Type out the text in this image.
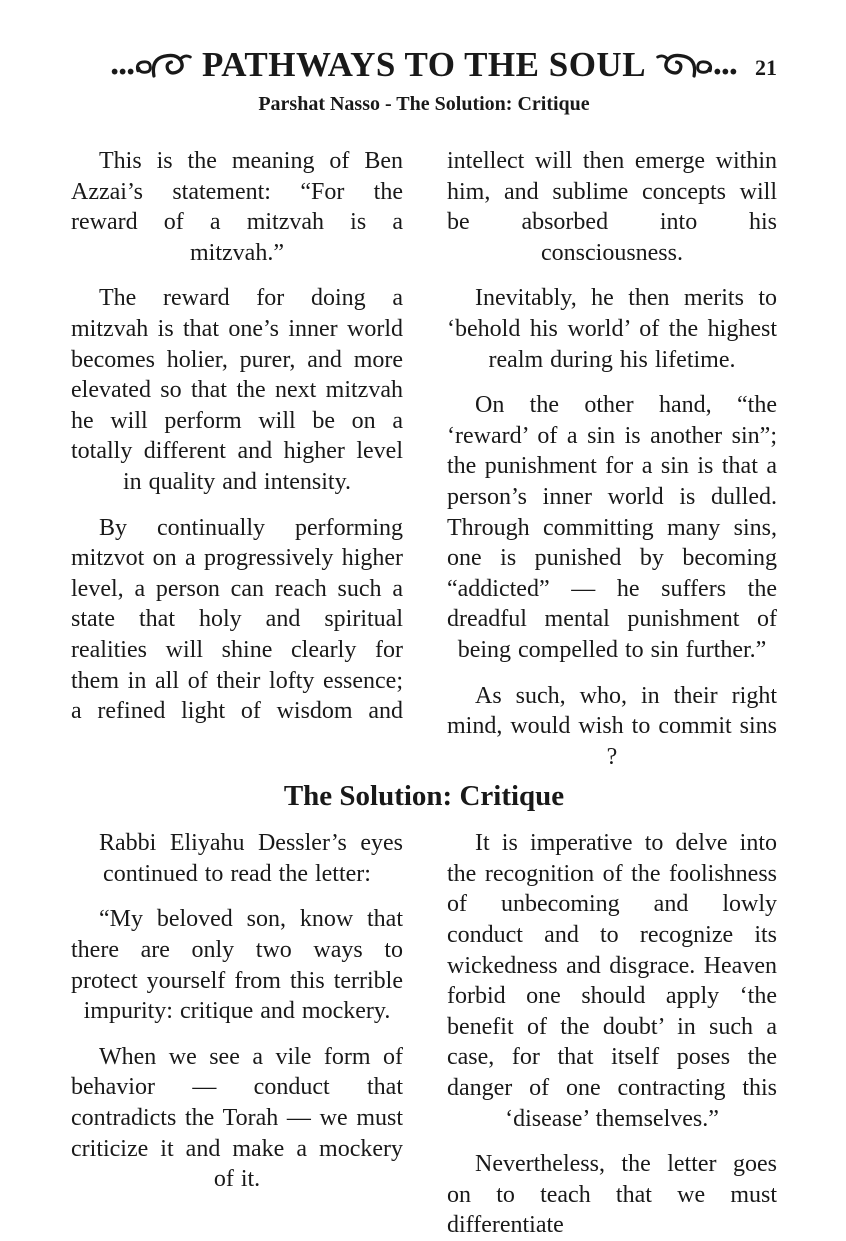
PATHWAYS TO THE SOUL	21
Parshat Nasso - The Solution: Critique

This is the meaning of Ben Azzai’s statement: “For the reward of a mitzvah is a mitzvah.”

The reward for doing a mitzvah is that one’s inner world becomes holier, purer, and more elevated so that the next mitzvah he will perform will be on a totally different and higher level in quality and intensity.

By continually performing mitzvot on a progressively higher level, a person can reach such a state that holy and spiritual realities will shine clearly for them in all of their lofty essence; a refined light of wisdom and

intellect will then emerge within him, and sublime concepts will be absorbed into his consciousness.

Inevitably, he then merits to ‘behold his world’ of the highest realm during his lifetime.

On the other hand, “the ‘reward’ of a sin is another sin”; the punishment for a sin is that a person’s inner world is dulled. Through committing many sins, one is punished by becoming “addicted” — he suffers the dreadful mental punishment of being compelled to sin further.”

As such, who, in their right mind, would wish to commit sins ?

The Solution: Critique

Rabbi Eliyahu Dessler’s eyes continued to read the letter:

“My beloved son, know that there are only two ways to protect yourself from this terrible impurity: critique and mockery.

When we see a vile form of behavior — conduct that contradicts the Torah — we must criticize it and make a mockery of it.

It is imperative to delve into the recognition of the foolishness of unbecoming and lowly conduct and to recognize its wickedness and disgrace. Heaven forbid one should apply ‘the benefit of the doubt’ in such a case, for that itself poses the danger of one contracting this ‘disease’ themselves.”

Nevertheless, the letter goes on to teach that we must differentiate
